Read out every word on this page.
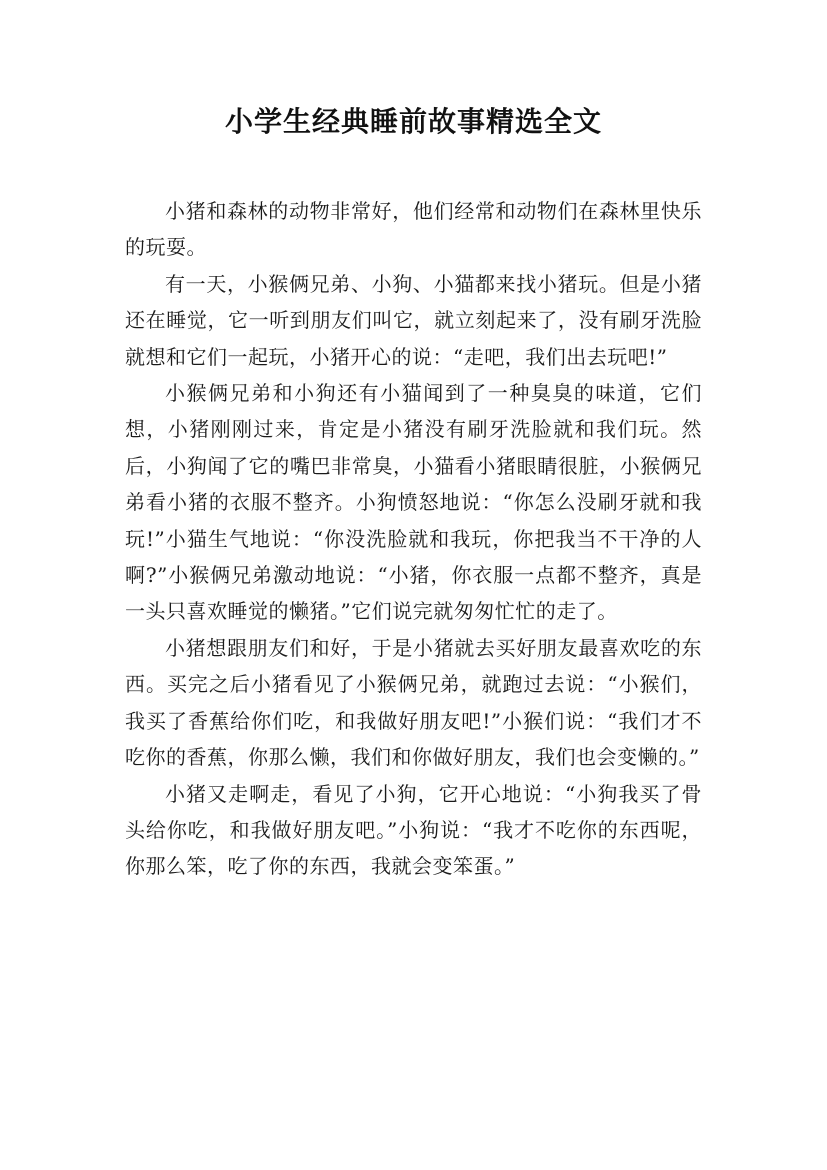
小学生经典睡前故事精选全文

小猪和森林的动物非常好，他们经常和动物们在森林里快乐的玩耍。

有一天，小猴俩兄弟、小狗、小猫都来找小猪玩。但是小猪还在睡觉，它一听到朋友们叫它，就立刻起来了，没有刷牙洗脸就想和它们一起玩，小猪开心的说：“走吧，我们出去玩吧!”

小猴俩兄弟和小狗还有小猫闻到了一种臭臭的味道，它们想，小猪刚刚过来，肯定是小猪没有刷牙洗脸就和我们玩。然后，小狗闻了它的嘴巴非常臭，小猫看小猪眼睛很脏，小猴俩兄弟看小猪的衣服不整齐。小狗愤怒地说：“你怎么没刷牙就和我玩!”小猫生气地说：“你没洗脸就和我玩，你把我当不干净的人啊?”小猴俩兄弟激动地说：“小猪，你衣服一点都不整齐，真是一头只喜欢睡觉的懒猪。”它们说完就匆匆忙忙的走了。

小猪想跟朋友们和好，于是小猪就去买好朋友最喜欢吃的东西。买完之后小猪看见了小猴俩兄弟，就跑过去说：“小猴们，我买了香蕉给你们吃，和我做好朋友吧!”小猴们说：“我们才不吃你的香蕉，你那么懒，我们和你做好朋友，我们也会变懒的。”

小猪又走啊走，看见了小狗，它开心地说：“小狗我买了骨头给你吃，和我做好朋友吧。”小狗说：“我才不吃你的东西呢，你那么笨，吃了你的东西，我就会变笨蛋。”
